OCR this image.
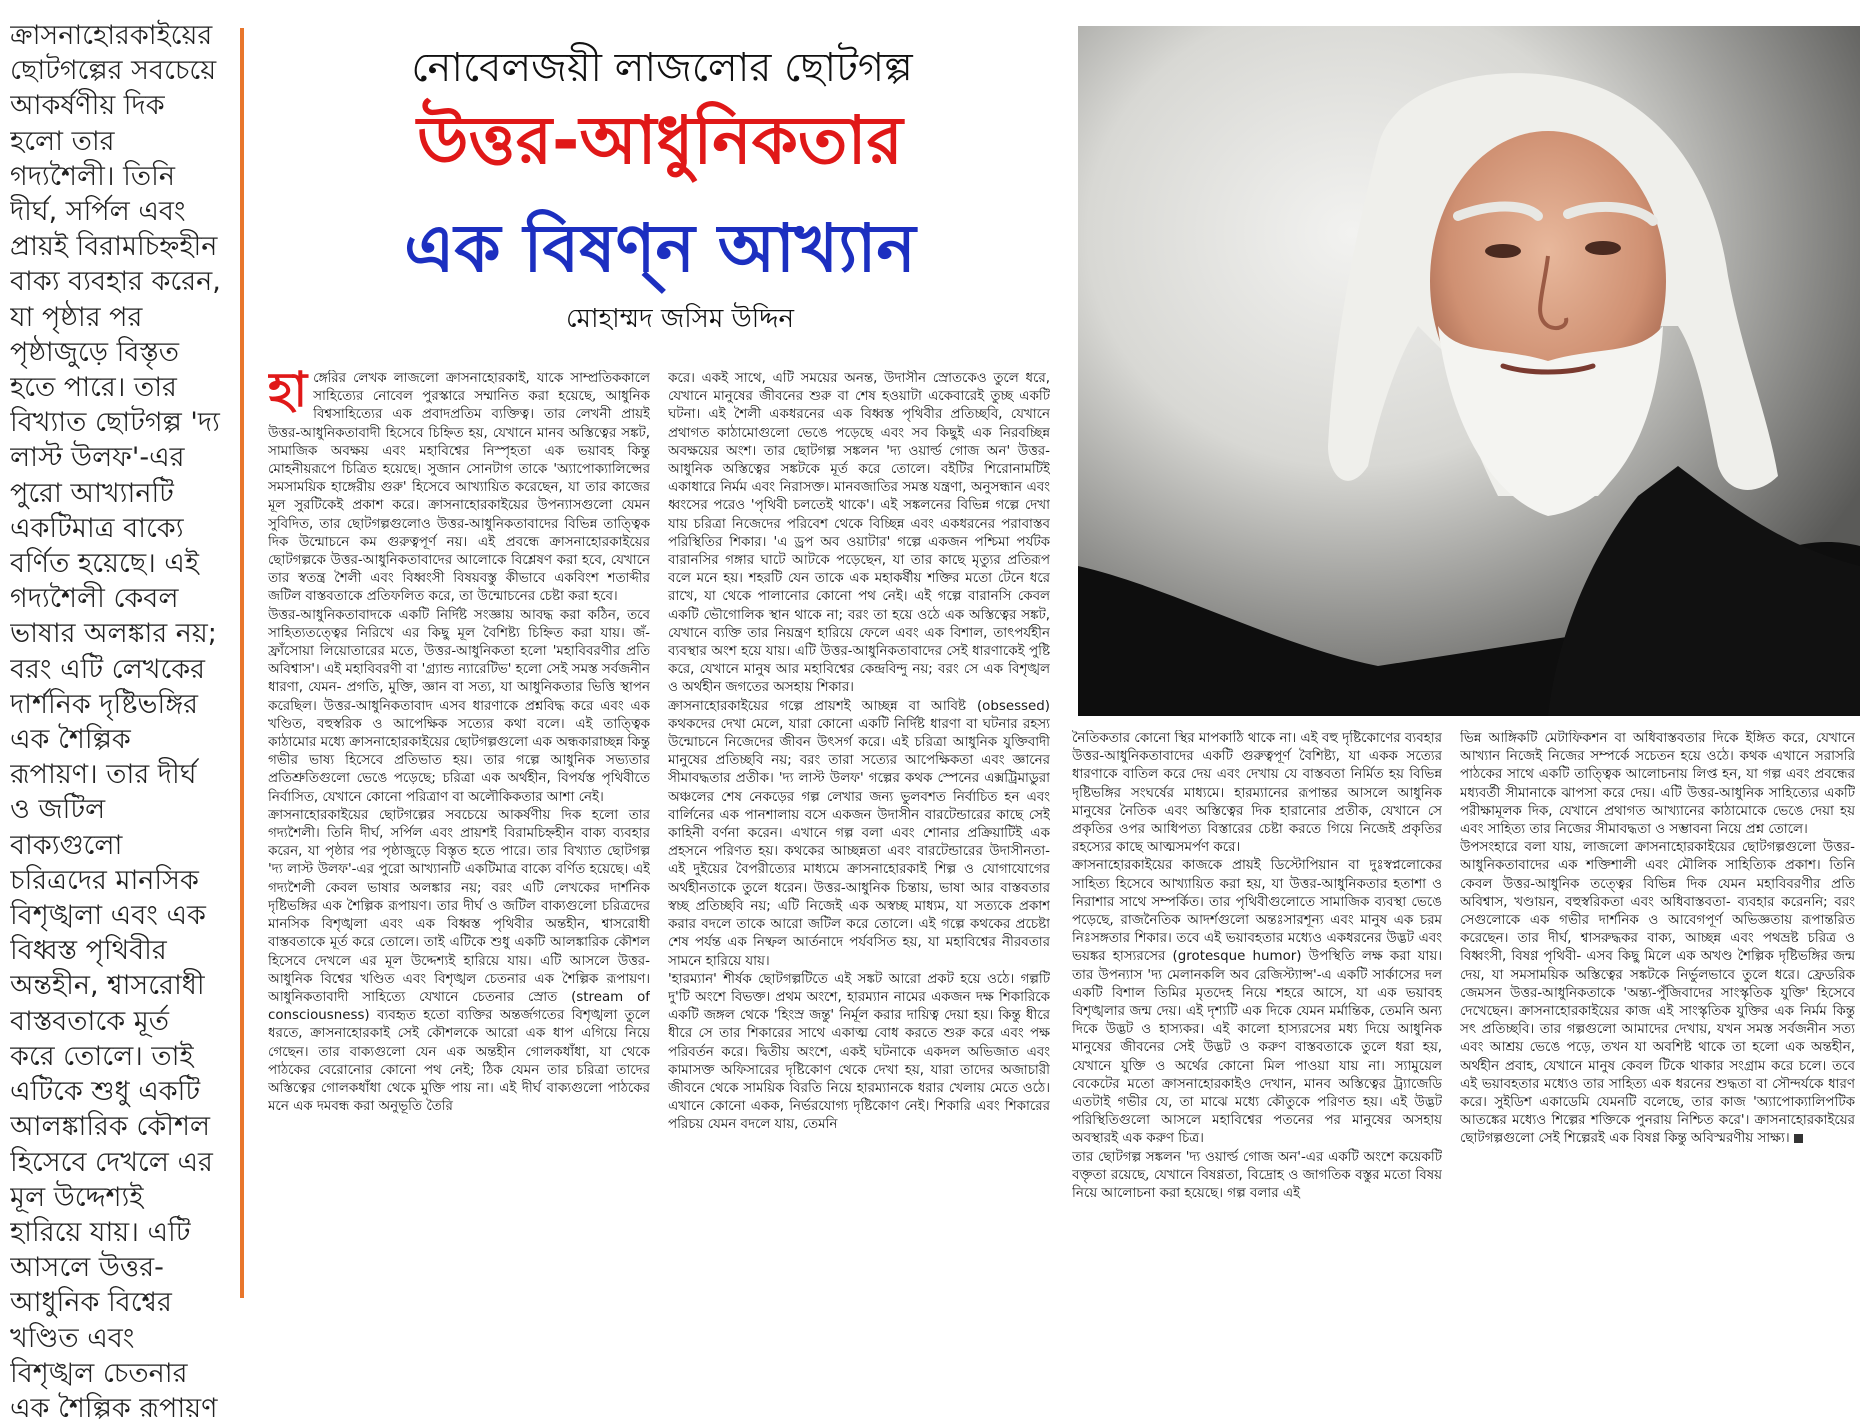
ক্রাসনাহোরকাইয়ের ছোটগল্পের সবচেয়ে আকর্ষণীয় দিক হলো তার গদ্যশৈলী। তিনি দীর্ঘ, সর্পিল এবং প্রায়ই বিরামচিহ্নহীন বাক্য ব্যবহার করেন, যা পৃষ্ঠার পর পৃষ্ঠাজুড়ে বিস্তৃত হতে পারে। তার বিখ্যাত ছোটগল্প 'দ্য লাস্ট উলফ'-এর পুরো আখ্যানটি একটিমাত্র বাক্যে বর্ণিত হয়েছে। এই গদ্যশৈলী কেবল ভাষার অলঙ্কার নয়; বরং এটি লেখকের দার্শনিক দৃষ্টিভঙ্গির এক শৈল্পিক রূপায়ণ। তার দীর্ঘ ও জটিল বাক্যগুলো চরিত্রদের মানসিক বিশৃঙ্খলা এবং এক বিধ্বস্ত পৃথিবীর অন্তহীন, শ্বাসরোধী বাস্তবতাকে মূর্ত করে তোলে। তাই এটিকে শুধু একটি আলঙ্কারিক কৌশল হিসেবে দেখলে এর মূল উদ্দেশ্যই হারিয়ে যায়। এটি আসলে উত্তর-আধুনিক বিশ্বের খণ্ডিত এবং বিশৃঙ্খল চেতনার এক শৈল্পিক রূপায়ণ
নোবেলজয়ী লাজলোর ছোটগল্প
উত্তর-আধুনিকতার
এক বিষণ্ন আখ্যান
মোহাম্মদ জসিম উদ্দিন

হাঙ্গেরির লেখক লাজলো ক্রাসনাহোরকাই, যাকে সাম্প্রতিককালে সাহিত্যের নোবেল পুরস্কারে সম্মানিত করা হয়েছে, আধুনিক বিশ্বসাহিত্যের এক প্রবাদপ্রতিম ব্যক্তিত্ব। তার লেখনী প্রায়ই উত্তর-আধুনিকতাবাদী হিসেবে চিহ্নিত হয়, যেখানে মানব অস্তিত্বের সঙ্কট, সামাজিক অবক্ষয় এবং মহাবিশ্বের নিস্পৃহতা এক ভয়াবহ কিন্তু মোহনীয়রূপে চিত্রিত হয়েছে। সুজান সোনটাগ তাকে 'অ্যাপোক্যালিপ্সের সমসাময়িক হাঙ্গেরীয় গুরু' হিসেবে আখ্যায়িত করেছেন, যা তার কাজের মূল সুরটিকেই প্রকাশ করে। ক্রাসনাহোরকাইয়ের উপন্যাসগুলো যেমন সুবিদিত, তার ছোটগল্পগুলোও উত্তর-আধুনিকতাবাদের বিভিন্ন তাত্ত্বিক দিক উন্মোচনে কম গুরুত্বপূর্ণ নয়। এই প্রবন্ধে ক্রাসনাহোরকাইয়ের ছোটগল্পকে উত্তর-আধুনিকতাবাদের আলোকে বিশ্লেষণ করা হবে, যেখানে তার স্বতন্ত্র শৈলী এবং বিধ্বংসী বিষয়বস্তু কীভাবে একবিংশ শতাব্দীর জটিল বাস্তবতাকে প্রতিফলিত করে, তা উন্মোচনের চেষ্টা করা হবে।

উত্তর-আধুনিকতাবাদকে একটি নির্দিষ্ট সংজ্ঞায় আবদ্ধ করা কঠিন, তবে সাহিত্যতত্ত্বের নিরিখে এর কিছু মূল বৈশিষ্ট্য চিহ্নিত করা যায়। জঁ-ফ্রাঁসোয়া লিয়োতারের মতে, উত্তর-আধুনিকতা হলো 'মহাবিবরণীর প্রতি অবিশ্বাস'। এই মহাবিবরণী বা 'গ্র্যান্ড ন্যারেটিভ' হলো সেই সমস্ত সর্বজনীন ধারণা, যেমন- প্রগতি, মুক্তি, জ্ঞান বা সত্য, যা আধুনিকতার ভিত্তি স্থাপন করেছিল। উত্তর-আধুনিকতাবাদ এসব ধারণাকে প্রশ্নবিদ্ধ করে এবং এক খণ্ডিত, বহুস্বরিক ও আপেক্ষিক সত্যের কথা বলে। এই তাত্ত্বিক কাঠামোর মধ্যে ক্রাসনাহোরকাইয়ের ছোটগল্পগুলো এক অন্ধকারাচ্ছন্ন কিন্তু গভীর ভাষ্য হিসেবে প্রতিভাত হয়। তার গল্পে আধুনিক সভ্যতার প্রতিশ্রুতিগুলো ভেঙে পড়েছে; চরিত্রা এক অর্থহীন, বিপর্যস্ত পৃথিবীতে নির্বাসিত, যেখানে কোনো পরিত্রাণ বা অলৌকিকতার আশা নেই।

ক্রাসনাহোরকাইয়ের ছোটগল্পের সবচেয়ে আকর্ষণীয় দিক হলো তার গদ্যশৈলী। তিনি দীর্ঘ, সর্পিল এবং প্রায়শই বিরামচিহ্নহীন বাক্য ব্যবহার করেন, যা পৃষ্ঠার পর পৃষ্ঠাজুড়ে বিস্তৃত হতে পারে। তার বিখ্যাত ছোটগল্প 'দ্য লাস্ট উলফ'-এর পুরো আখ্যানটি একটিমাত্র বাক্যে বর্ণিত হয়েছে। এই গদ্যশৈলী কেবল ভাষার অলঙ্কার নয়; বরং এটি লেখকের দার্শনিক দৃষ্টিভঙ্গির এক শৈল্পিক রূপায়ণ। তার দীর্ঘ ও জটিল বাক্যগুলো চরিত্রদের মানসিক বিশৃঙ্খলা এবং এক বিধ্বস্ত পৃথিবীর অন্তহীন, শ্বাসরোধী বাস্তবতাকে মূর্ত করে তোলে। তাই এটিকে শুধু একটি আলঙ্কারিক কৌশল হিসেবে দেখলে এর মূল উদ্দেশ্যই হারিয়ে যায়। এটি আসলে উত্তর-আধুনিক বিশ্বের খণ্ডিত এবং বিশৃঙ্খল চেতনার এক শৈল্পিক রূপায়ণ। আধুনিকতাবাদী সাহিত্যে যেখানে চেতনার স্রোত (stream of consciousness) ব্যবহৃত হতো ব্যক্তির অন্তর্জগতের বিশৃঙ্খলা তুলে ধরতে, ক্রাসনাহোরকাই সেই কৌশলকে আরো এক ধাপ এগিয়ে নিয়ে গেছেন। তার বাক্যগুলো যেন এক অন্তহীন গোলকধাঁধা, যা থেকে পাঠকের বেরোনোর কোনো পথ নেই; ঠিক যেমন তার চরিত্রা তাদের অস্তিত্বের গোলকধাঁধা থেকে মুক্তি পায় না। এই দীর্ঘ বাক্যগুলো পাঠকের মনে এক দমবন্ধ করা অনুভূতি তৈরি

করে। একই সাথে, এটি সময়ের অনন্ত, উদাসীন স্রোতকেও তুলে ধরে, যেখানে মানুষের জীবনের শুরু বা শেষ হওয়াটা একেবারেই তুচ্ছ একটি ঘটনা। এই শৈলী একধরনের এক বিধ্বস্ত পৃথিবীর প্রতিচ্ছবি, যেখানে প্রথাগত কাঠামোগুলো ভেঙে পড়েছে এবং সব কিছুই এক নিরবচ্ছিন্ন অবক্ষয়ের অংশ। তার ছোটগল্প সঙ্কলন 'দ্য ওয়ার্ল্ড গোজ অন' উত্তর-আধুনিক অস্তিত্বের সঙ্কটকে মূর্ত করে তোলে। বইটির শিরোনামটিই একাধারে নির্মম এবং নিরাসক্ত। মানবজাতির সমস্ত যন্ত্রণা, অনুসন্ধান এবং ধ্বংসের পরেও 'পৃথিবী চলতেই থাকে'। এই সঙ্কলনের বিভিন্ন গল্পে দেখা যায় চরিত্রা নিজেদের পরিবেশ থেকে বিচ্ছিন্ন এবং একধরনের পরাবাস্তব পরিস্থিতির শিকার। 'এ ড্রপ অব ওয়াটার' গল্পে একজন পশ্চিমা পর্যটক বারানসির গঙ্গার ঘাটে আটকে পড়েছেন, যা তার কাছে মৃত্যুর প্রতিরূপ বলে মনে হয়। শহরটি যেন তাকে এক মহাকর্ষীয় শক্তির মতো টেনে ধরে রাখে, যা থেকে পালানোর কোনো পথ নেই। এই গল্পে বারানসি কেবল একটি ভৌগোলিক স্থান থাকে না; বরং তা হয়ে ওঠে এক অস্তিত্বের সঙ্কট, যেখানে ব্যক্তি তার নিয়ন্ত্রণ হারিয়ে ফেলে এবং এক বিশাল, তাৎপর্যহীন ব্যবস্থার অংশ হয়ে যায়। এটি উত্তর-আধুনিকতাবাদের সেই ধারণাকেই পুষ্টি করে, যেখানে মানুষ আর মহাবিশ্বের কেন্দ্রবিন্দু নয়; বরং সে এক বিশৃঙ্খল ও অর্থহীন জগতের অসহায় শিকার।

ক্রাসনাহোরকাইয়ের গল্পে প্রায়শই আচ্ছন্ন বা আবিষ্ট (obsessed) কথকদের দেখা মেলে, যারা কোনো একটি নির্দিষ্ট ধারণা বা ঘটনার রহস্য উন্মোচনে নিজেদের জীবন উৎসর্গ করে। এই চরিত্রা আধুনিক যুক্তিবাদী মানুষের প্রতিচ্ছবি নয়; বরং তারা সত্যের আপেক্ষিকতা এবং জ্ঞানের সীমাবদ্ধতার প্রতীক। 'দ্য লাস্ট উলফ' গল্পের কথক স্পেনের এক্সট্রিমাডুরা অঞ্চলের শেষ নেকড়ের গল্প লেখার জন্য ভুলবশত নির্বাচিত হন এবং বার্লিনের এক পানশালায় বসে একজন উদাসীন বারটেন্ডারের কাছে সেই কাহিনী বর্ণনা করেন। এখানে গল্প বলা এবং শোনার প্রক্রিয়াটিই এক প্রহসনে পরিণত হয়। কথকের আচ্ছন্নতা এবং বারটেন্ডারের উদাসীনতা- এই দুইয়ের বৈপরীত্যের মাধ্যমে ক্রাসনাহোরকাই শিল্প ও যোগাযোগের অর্থহীনতাকে তুলে ধরেন। উত্তর-আধুনিক চিন্তায়, ভাষা আর বাস্তবতার স্বচ্ছ প্রতিচ্ছবি নয়; এটি নিজেই এক অস্বচ্ছ মাধ্যম, যা সত্যকে প্রকাশ করার বদলে তাকে আরো জটিল করে তোলে। এই গল্পে কথকের প্রচেষ্টা শেষ পর্যন্ত এক নিষ্ফল আর্তনাদে পর্যবসিত হয়, যা মহাবিশ্বের নীরবতার সামনে হারিয়ে যায়।

'হারম্যান' শীর্ষক ছোটগল্পটিতে এই সঙ্কট আরো প্রকট হয়ে ওঠে। গল্পটি দু'টি অংশে বিভক্ত। প্রথম অংশে, হারম্যান নামের একজন দক্ষ শিকারিকে একটি জঙ্গল থেকে 'হিংস্র জন্তু' নির্মূল করার দায়িত্ব দেয়া হয়। কিন্তু ধীরে ধীরে সে তার শিকারের সাথে একাত্ম বোধ করতে শুরু করে এবং পক্ষ পরিবর্তন করে। দ্বিতীয় অংশে, একই ঘটনাকে একদল অভিজাত এবং কামাসক্ত অফিসারের দৃষ্টিকোণ থেকে দেখা হয়, যারা তাদের অজাচারী জীবনে থেকে সাময়িক বিরতি নিয়ে হারম্যানকে ধরার খেলায় মেতে ওঠে। এখানে কোনো একক, নির্ভরযোগ্য দৃষ্টিকোণ নেই। শিকারি এবং শিকারের পরিচয় যেমন বদলে যায়, তেমনি

নৈতিকতার কোনো স্থির মাপকাঠি থাকে না। এই বহু দৃষ্টিকোণের ব্যবহার উত্তর-আধুনিকতাবাদের একটি গুরুত্বপূর্ণ বৈশিষ্ট্য, যা একক সত্যের ধারণাকে বাতিল করে দেয় এবং দেখায় যে বাস্তবতা নির্মিত হয় বিভিন্ন দৃষ্টিভঙ্গির সংঘর্ষের মাধ্যমে। হারম্যানের রূপান্তর আসলে আধুনিক মানুষের নৈতিক এবং অস্তিত্বের দিক হারানোর প্রতীক, যেখানে সে প্রকৃতির ওপর আধিপত্য বিস্তারের চেষ্টা করতে গিয়ে নিজেই প্রকৃতির রহস্যের কাছে আত্মসমর্পণ করে।

ক্রাসনাহোরকাইয়ের কাজকে প্রায়ই ডিস্টোপিয়ান বা দুঃস্বপ্নলোকের সাহিত্য হিসেবে আখ্যায়িত করা হয়, যা উত্তর-আধুনিকতার হতাশা ও নিরাশার সাথে সম্পর্কিত। তার পৃথিবীগুলোতে সামাজিক ব্যবস্থা ভেঙে পড়েছে, রাজনৈতিক আদর্শগুলো অন্তঃসারশূন্য এবং মানুষ এক চরম নিঃসঙ্গতার শিকার। তবে এই ভয়াবহতার মধ্যেও একধরনের উদ্ভট এবং ভয়ঙ্কর হাস্যরসের (grotesque humor) উপস্থিতি লক্ষ করা যায়। তার উপন্যাস 'দ্য মেলানকলি অব রেজিস্ট্যান্স'-এ একটি সার্কাসের দল একটি বিশাল তিমির মৃতদেহ নিয়ে শহরে আসে, যা এক ভয়াবহ বিশৃঙ্খলার জন্ম দেয়। এই দৃশ্যটি এক দিকে যেমন মর্মান্তিক, তেমনি অন্য দিকে উদ্ভট ও হাস্যকর। এই কালো হাস্যরসের মধ্য দিয়ে আধুনিক মানুষের জীবনের সেই উদ্ভট ও করুণ বাস্তবতাকে তুলে ধরা হয়, যেখানে যুক্তি ও অর্থের কোনো মিল পাওয়া যায় না। স্যামুয়েল বেকেটের মতো ক্রাসনাহোরকাইও দেখান, মানব অস্তিত্বের ট্র্যাজেডি এতটাই গভীর যে, তা মাঝে মধ্যে কৌতুকে পরিণত হয়। এই উদ্ভট পরিস্থিতিগুলো আসলে মহাবিশ্বের পতনের পর মানুষের অসহায় অবস্থারই এক করুণ চিত্র।

তার ছোটগল্প সঙ্কলন 'দ্য ওয়ার্ল্ড গোজ অন'-এর একটি অংশে কয়েকটি বক্তৃতা রয়েছে, যেখানে বিষণ্ণতা, বিদ্রোহ ও জাগতিক বস্তুর মতো বিষয় নিয়ে আলোচনা করা হয়েছে। গল্প বলার এই

ভিন্ন আঙ্গিকটি মেটাফিকশন বা অধিবাস্তবতার দিকে ইঙ্গিত করে, যেখানে আখ্যান নিজেই নিজের সম্পর্কে সচেতন হয়ে ওঠে। কথক এখানে সরাসরি পাঠকের সাথে একটি তাত্ত্বিক আলোচনায় লিপ্ত হন, যা গল্প এবং প্রবন্ধের মধ্যবর্তী সীমানাকে ঝাপসা করে দেয়। এটি উত্তর-আধুনিক সাহিত্যের একটি পরীক্ষামূলক দিক, যেখানে প্রথাগত আখ্যানের কাঠামোকে ভেঙে দেয়া হয় এবং সাহিত্য তার নিজের সীমাবদ্ধতা ও সম্ভাবনা নিয়ে প্রশ্ন তোলে।

উপসংহারে বলা যায়, লাজলো ক্রাসনাহোরকাইয়ের ছোটগল্পগুলো উত্তর-আধুনিকতাবাদের এক শক্তিশালী এবং মৌলিক সাহিত্যিক প্রকাশ। তিনি কেবল উত্তর-আধুনিক তত্ত্বের বিভিন্ন দিক যেমন মহাবিবরণীর প্রতি অবিশ্বাস, খণ্ডায়ন, বহুস্বরিকতা এবং অধিবাস্তবতা- ব্যবহার করেননি; বরং সেগুলোকে এক গভীর দার্শনিক ও আবেগপূর্ণ অভিজ্ঞতায় রূপান্তরিত করেছেন। তার দীর্ঘ, শ্বাসরুদ্ধকর বাক্য, আচ্ছন্ন এবং পথভ্রষ্ট চরিত্র ও বিধ্বংসী, বিষণ্ণ পৃথিবী- এসব কিছু মিলে এক অখণ্ড শৈল্পিক দৃষ্টিভঙ্গির জন্ম দেয়, যা সমসাময়িক অস্তিত্বের সঙ্কটকে নির্ভুলভাবে তুলে ধরে। ফ্রেডরিক জেমসন উত্তর-আধুনিকতাকে 'অন্ত্য-পুঁজিবাদের সাংস্কৃতিক যুক্তি' হিসেবে দেখেছেন। ক্রাসনাহোরকাইয়ের কাজ এই সাংস্কৃতিক যুক্তির এক নির্মম কিন্তু সৎ প্রতিচ্ছবি। তার গল্পগুলো আমাদের দেখায়, যখন সমস্ত সর্বজনীন সত্য এবং আশ্রয় ভেঙে পড়ে, তখন যা অবশিষ্ট থাকে তা হলো এক অন্তহীন, অর্থহীন প্রবাহ, যেখানে মানুষ কেবল টিকে থাকার সংগ্রাম করে চলে। তবে এই ভয়াবহতার মধ্যেও তার সাহিত্য এক ধরনের শুদ্ধতা বা সৌন্দর্যকে ধারণ করে। সুইডিশ একাডেমি যেমনটি বলেছে, তার কাজ 'অ্যাপোক্যালিপটিক আতঙ্কের মধ্যেও শিল্পের শক্তিকে পুনরায় নিশ্চিত করে'। ক্রাসনাহোরকাইয়ের ছোটগল্পগুলো সেই শিল্পেরই এক বিষণ্ণ কিন্তু অবিস্মরণীয় সাক্ষ্য।
